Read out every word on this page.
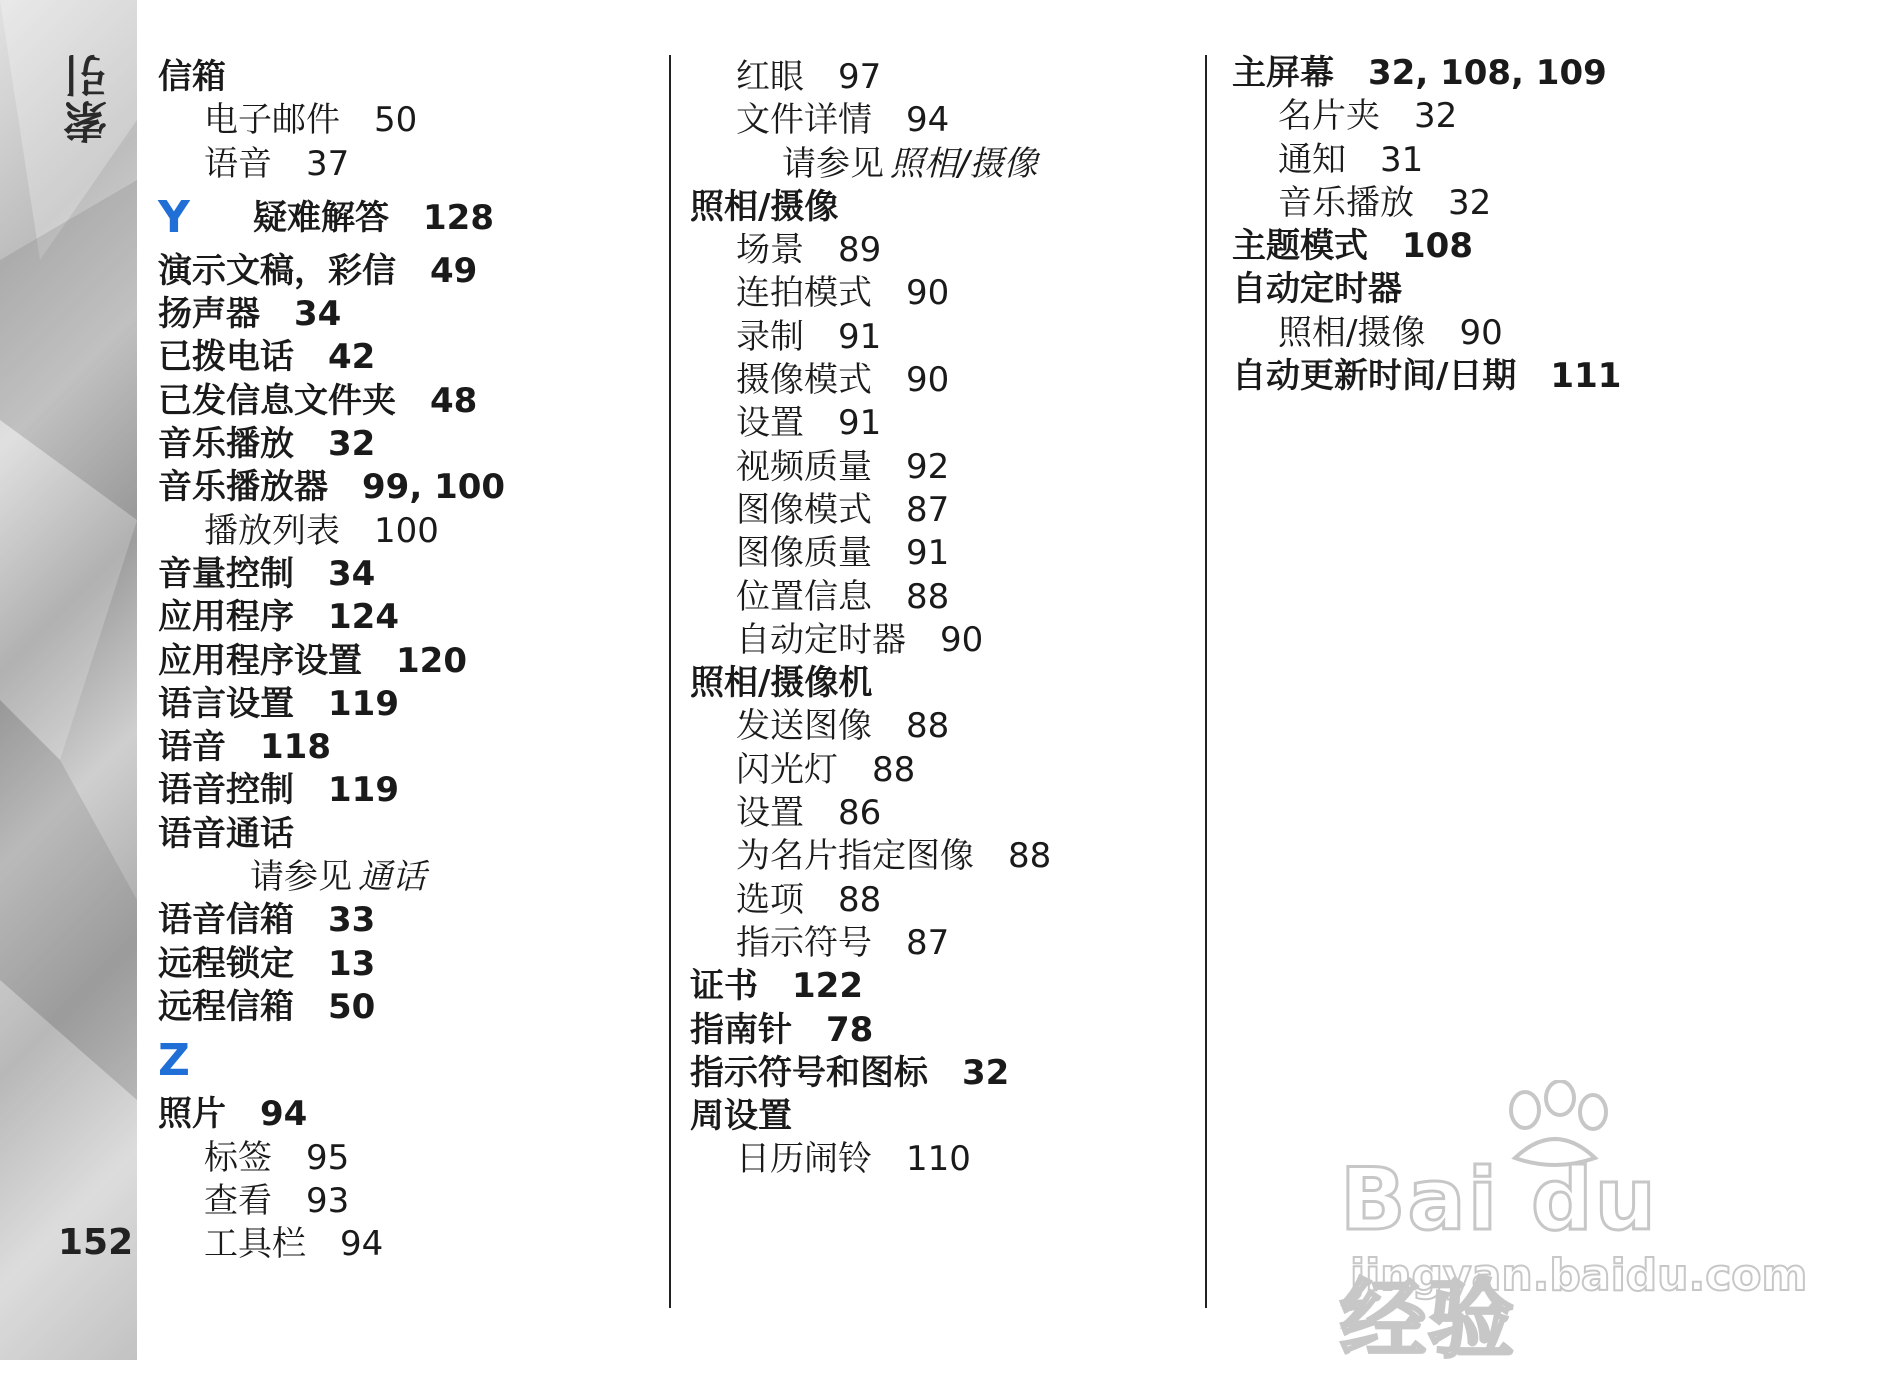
索引
152
信箱
电子邮件 50
语音 37
Y 疑难解答 128
演示文稿，彩信 49
扬声器 34
已拨电话 42
已发信息文件夹 48
音乐播放 32
音乐播放器 99, 100
播放列表 100
音量控制 34
应用程序 124
应用程序设置 120
语言设置 119
语音 118
语音控制 119
语音通话
请参见 通话
语音信箱 33
远程锁定 13
远程信箱 50
Z
照片 94
标签 95
查看 93
工具栏 94
红眼 97
文件详情 94
请参见 照相/摄像
照相/摄像
场景 89
连拍模式 90
录制 91
摄像模式 90
设置 91
视频质量 92
图像模式 87
图像质量 91
位置信息 88
自动定时器 90
照相/摄像机
发送图像 88
闪光灯 88
设置 86
为名片指定图像 88
选项 88
指示符号 87
证书 122
指南针 78
指示符号和图标 32
周设置
日历闹铃 110
主屏幕 32, 108, 109
名片夹 32
通知 31
音乐播放 32
主题模式 108
自动定时器
照相/摄像 90
自动更新时间/日期 111
Bai du 经验
jingyan.baidu.com
